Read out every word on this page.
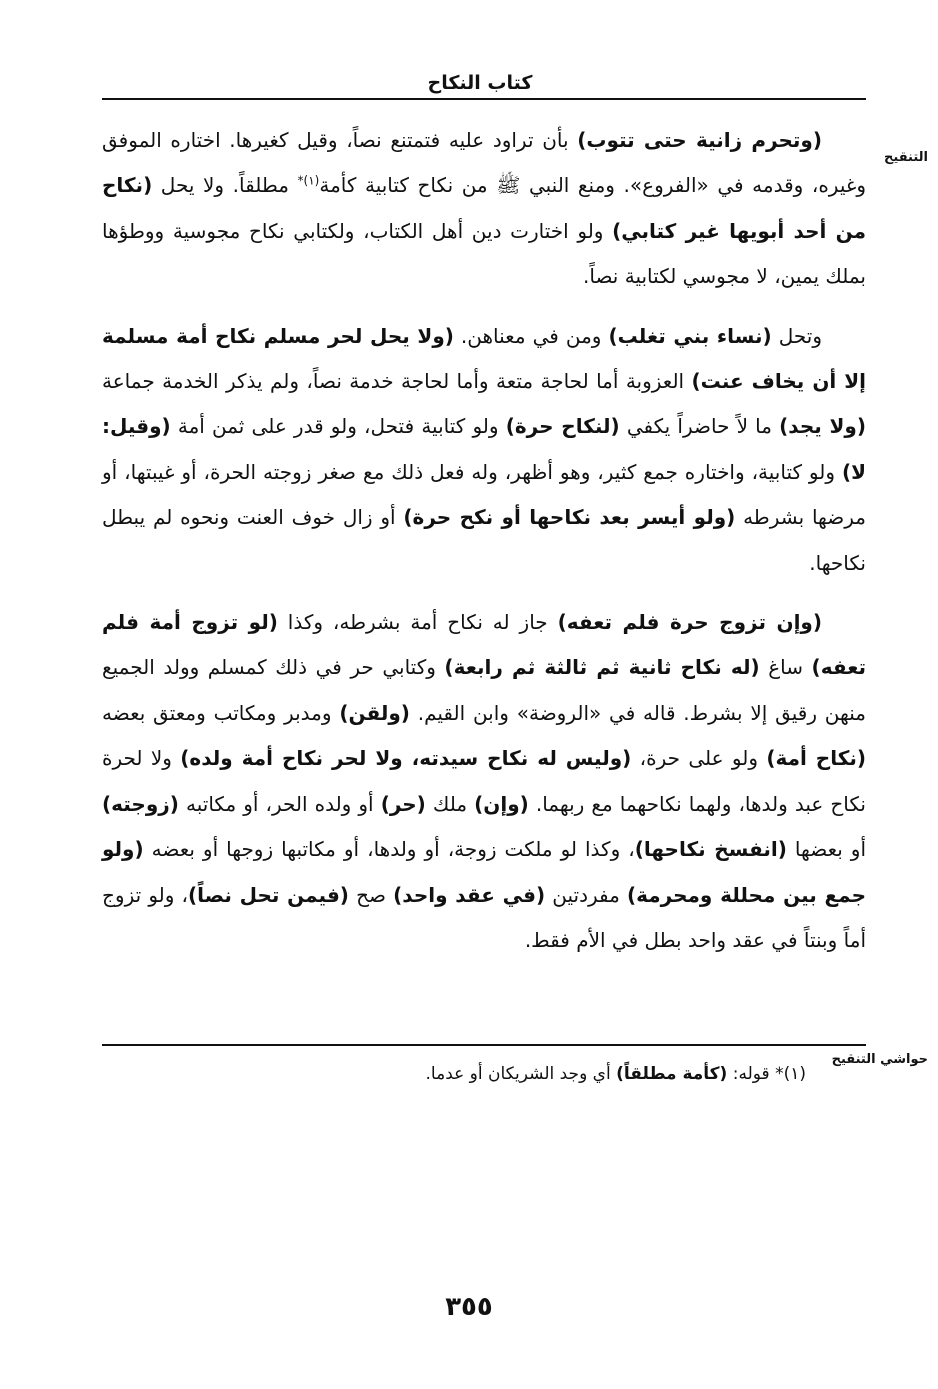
كتاب النكاح
التنقيح

(وتحرم زانية حتى تتوب) بأن تراود عليه فتمتنع نصاً، وقيل كغيرها. اختاره الموفق وغيره، وقدمه في «الفروع». ومنع النبي ﷺ من نكاح كتابية كأمة$^{(١)*}$ مطلقاً. ولا يحل (نكاح من أحد أبويها غير كتابي) ولو اختارت دين أهل الكتاب، ولكتابي نكاح مجوسية ووطؤها بملك يمين، لا مجوسي لكتابية نصاً.

وتحل (نساء بني تغلب) ومن في معناهن. (ولا يحل لحر مسلم نكاح أمة مسلمة إلا أن يخاف عنت) العزوبة أما لحاجة متعة وأما لحاجة خدمة نصاً، ولم يذكر الخدمة جماعة (ولا يجد) ما لاً حاضراً يكفي (لنكاح حرة) ولو كتابية فتحل، ولو قدر على ثمن أمة (وقيل: لا) ولو كتابية، واختاره جمع كثير، وهو أظهر، وله فعل ذلك مع صغر زوجته الحرة، أو غيبتها، أو مرضها بشرطه (ولو أيسر بعد نكاحها أو نكح حرة) أو زال خوف العنت ونحوه لم يبطل نكاحها.

(وإن تزوج حرة فلم تعفه) جاز له نكاح أمة بشرطه، وكذا (لو تزوج أمة فلم تعفه) ساغ (له نكاح ثانية ثم ثالثة ثم رابعة) وكتابي حر في ذلك كمسلم وولد الجميع منهن رقيق إلا بشرط. قاله في «الروضة» وابن القيم. (ولقن) ومدبر ومكاتب ومعتق بعضه (نكاح أمة) ولو على حرة، (وليس له نكاح سيدته، ولا لحر نكاح أمة ولده) ولا لحرة نكاح عبد ولدها، ولهما نكاحهما مع ربهما. (وإن) ملك (حر) أو ولده الحر، أو مكاتبه (زوجته) أو بعضها (انفسخ نكاحها)، وكذا لو ملكت زوجة، أو ولدها، أو مكاتبها زوجها أو بعضه (ولو جمع بين محللة ومحرمة) مفردتين (في عقد واحد) صح (فيمن تحل نصاً)، ولو تزوج أماً وبنتاً في عقد واحد بطل في الأم فقط.

حواشي التنقيح
(١)* قوله: (كأمة مطلقاً) أي وجد الشريكان أو عدما.
٣٥٥
